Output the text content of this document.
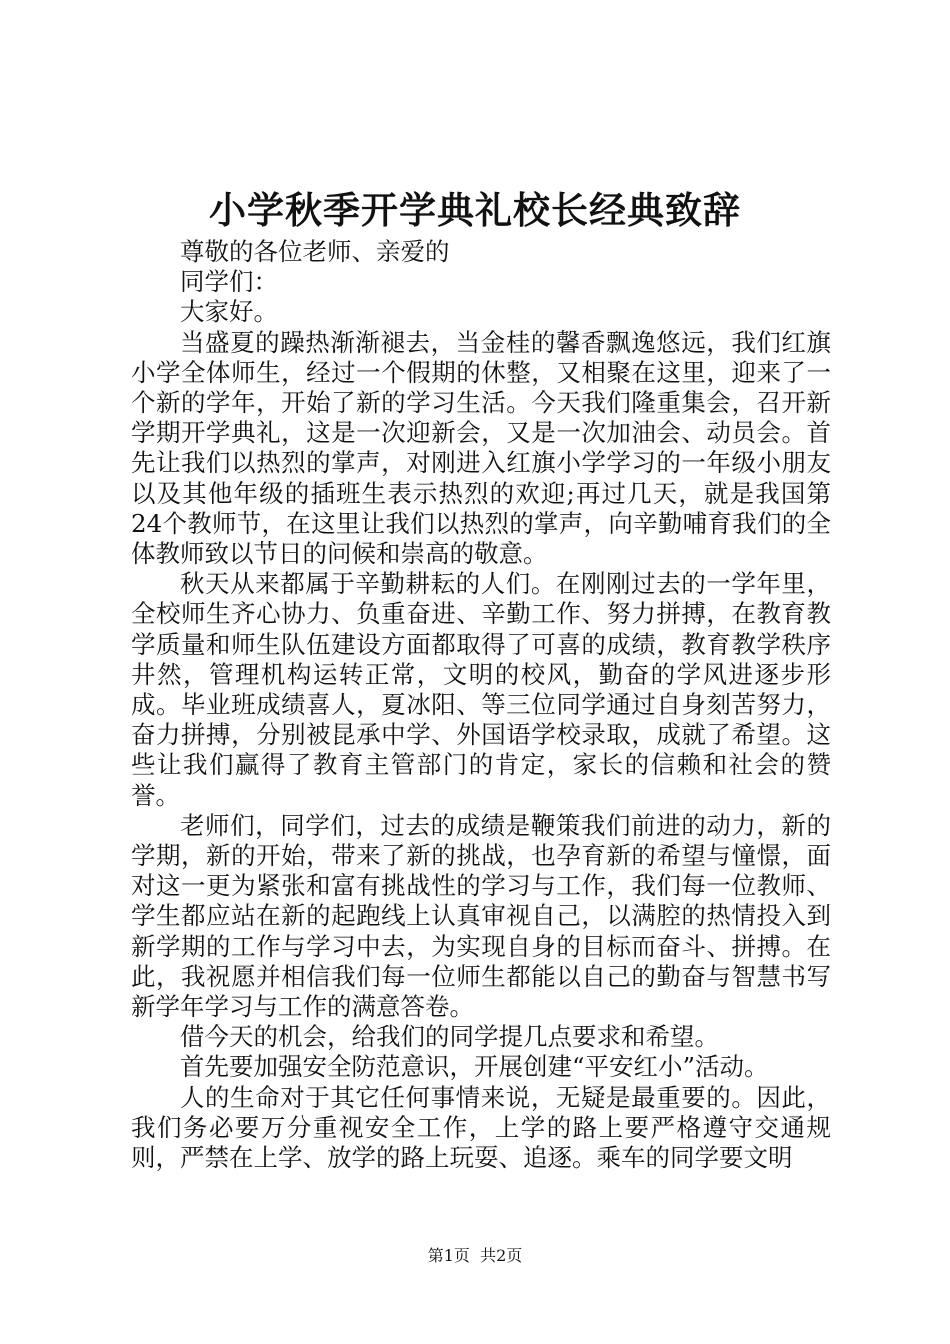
小学秋季开学典礼校长经典致辞

尊敬的各位老师、亲爱的

同学们：

大家好。

当盛夏的躁热渐渐褪去，当金桂的馨香飘逸悠远，我们红旗小学全体师生，经过一个假期的休整，又相聚在这里，迎来了一个新的学年，开始了新的学习生活。今天我们隆重集会，召开新学期开学典礼，这是一次迎新会，又是一次加油会、动员会。首先让我们以热烈的掌声，对刚进入红旗小学学习的一年级小朋友以及其他年级的插班生表示热烈的欢迎;再过几天，就是我国第24个教师节，在这里让我们以热烈的掌声，向辛勤哺育我们的全体教师致以节日的问候和崇高的敬意。

秋天从来都属于辛勤耕耘的人们。在刚刚过去的一学年里，全校师生齐心协力、负重奋进、辛勤工作、努力拼搏，在教育教学质量和师生队伍建设方面都取得了可喜的成绩，教育教学秩序井然，管理机构运转正常，文明的校风，勤奋的学风进逐步形成。毕业班成绩喜人，夏冰阳、等三位同学通过自身刻苦努力，奋力拼搏，分别被昆承中学、外国语学校录取，成就了希望。这些让我们赢得了教育主管部门的肯定，家长的信赖和社会的赞誉。

老师们，同学们，过去的成绩是鞭策我们前进的动力，新的学期，新的开始，带来了新的挑战，也孕育新的希望与憧憬，面对这一更为紧张和富有挑战性的学习与工作，我们每一位教师、学生都应站在新的起跑线上认真审视自己，以满腔的热情投入到新学期的工作与学习中去，为实现自身的目标而奋斗、拼搏。在此，我祝愿并相信我们每一位师生都能以自己的勤奋与智慧书写新学年学习与工作的满意答卷。

借今天的机会，给我们的同学提几点要求和希望。

首先要加强安全防范意识，开展创建“平安红小”活动。

人的生命对于其它任何事情来说，无疑是最重要的。因此，我们务必要万分重视安全工作，上学的路上要严格遵守交通规则，严禁在上学、放学的路上玩耍、追逐。乘车的同学要文明

第1页  共2页
